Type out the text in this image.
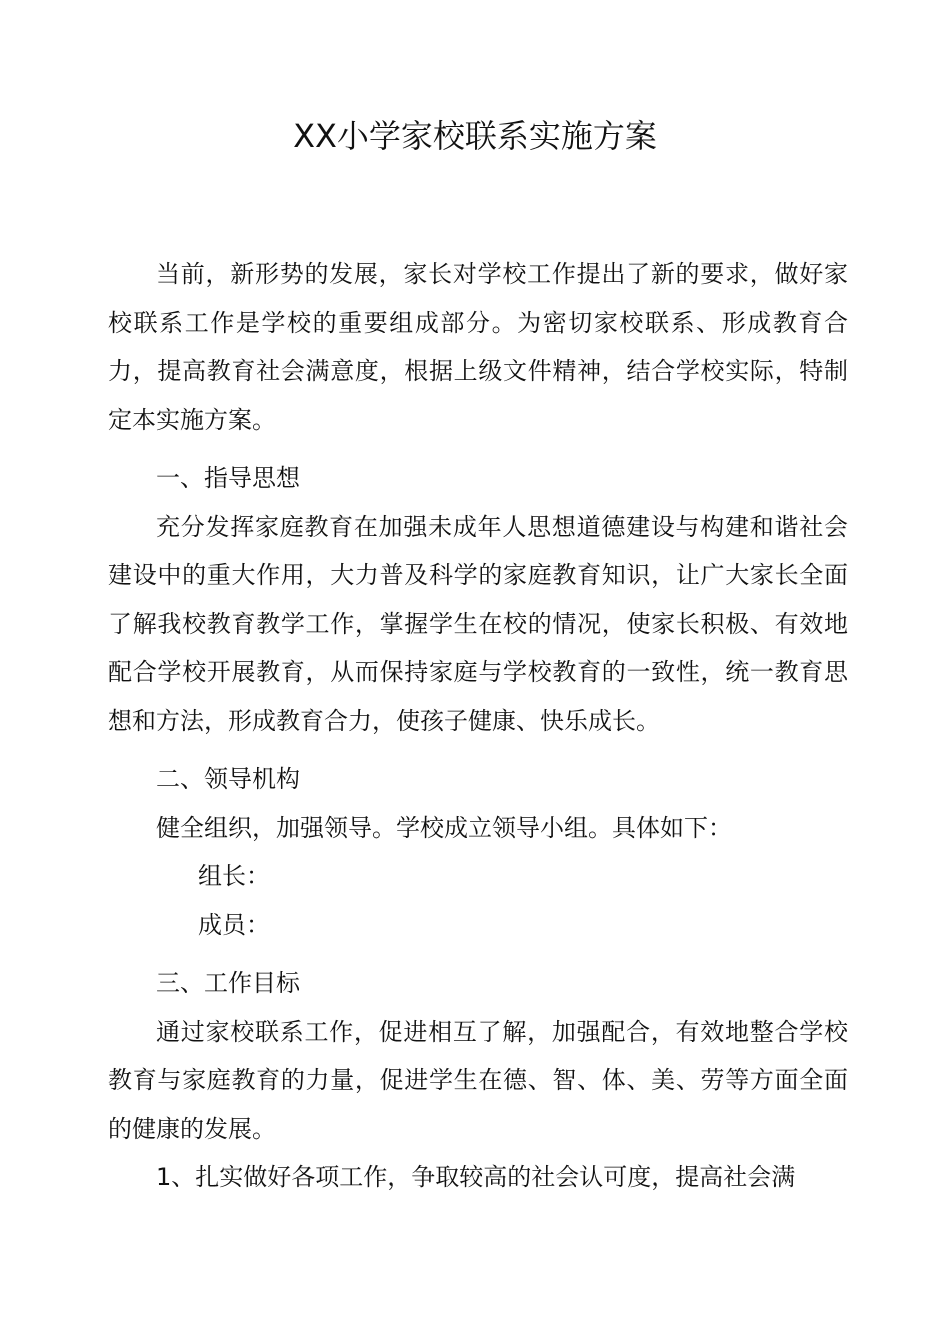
XX小学家校联系实施方案

当前，新形势的发展，家长对学校工作提出了新的要求，做好家校联系工作是学校的重要组成部分。为密切家校联系、形成教育合力，提高教育社会满意度，根据上级文件精神，结合学校实际，特制定本实施方案。

一、指导思想

充分发挥家庭教育在加强未成年人思想道德建设与构建和谐社会建设中的重大作用，大力普及科学的家庭教育知识，让广大家长全面了解我校教育教学工作，掌握学生在校的情况，使家长积极、有效地配合学校开展教育，从而保持家庭与学校教育的一致性，统一教育思想和方法，形成教育合力，使孩子健康、快乐成长。

二、领导机构

健全组织，加强领导。学校成立领导小组。具体如下：

组长：

成员：

三、工作目标

通过家校联系工作，促进相互了解，加强配合，有效地整合学校教育与家庭教育的力量，促进学生在德、智、体、美、劳等方面全面的健康的发展。

1、扎实做好各项工作，争取较高的社会认可度，提高社会满
